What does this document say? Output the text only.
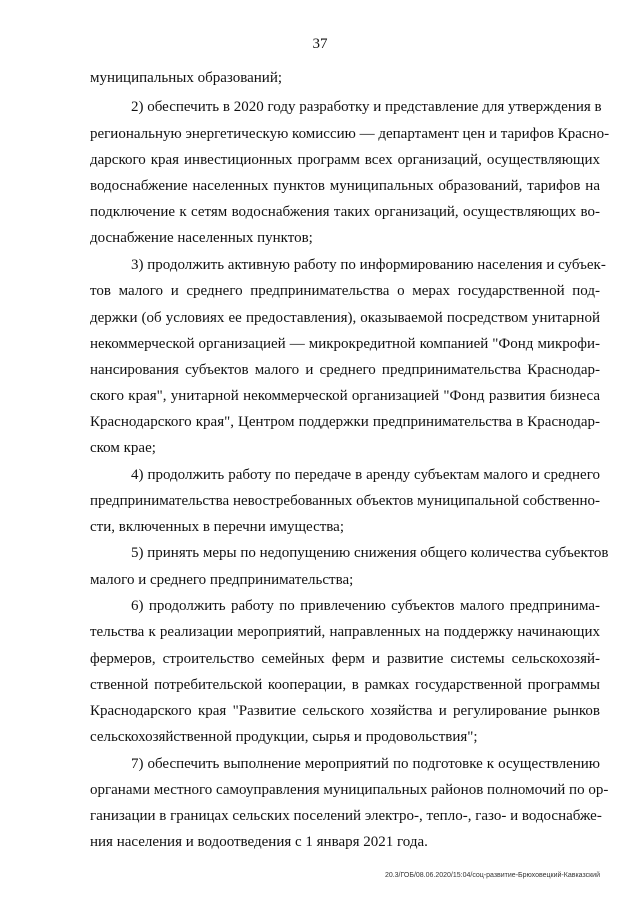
37
муниципальных образований;
2) обеспечить в 2020 году разработку и представление для утверждения в
региональную энергетическую комиссию — департамент цен и тарифов Красно-
дарского края инвестиционных программ всех организаций, осуществляющих
водоснабжение населенных пунктов муниципальных образований, тарифов на
подключение к сетям водоснабжения таких организаций, осуществляющих во-
доснабжение населенных пунктов;
3) продолжить активную работу по информированию населения и субъек-
тов малого и среднего предпринимательства о мерах государственной под-
держки (об условиях ее предоставления), оказываемой посредством унитарной
некоммерческой организацией — микрокредитной компанией "Фонд микрофи-
нансирования субъектов малого и среднего предпринимательства Краснодар-
ского края", унитарной некоммерческой организацией "Фонд развития бизнеса
Краснодарского края", Центром поддержки предпринимательства в Краснодар-
ском крае;
4) продолжить работу по передаче в аренду субъектам малого и среднего
предпринимательства невостребованных объектов муниципальной собственно-
сти, включенных в перечни имущества;
5) принять меры по недопущению снижения общего количества субъектов
малого и среднего предпринимательства;
6) продолжить работу по привлечению субъектов малого предпринима-
тельства к реализации мероприятий, направленных на поддержку начинающих
фермеров, строительство семейных ферм и развитие системы сельскохозяй-
ственной потребительской кооперации, в рамках государственной программы
Краснодарского края "Развитие сельского хозяйства и регулирование рынков
сельскохозяйственной продукции, сырья и продовольствия";
7) обеспечить выполнение мероприятий по подготовке к осуществлению
органами местного самоуправления муниципальных районов полномочий по ор-
ганизации в границах сельских поселений электро-, тепло-, газо- и водоснабже-
ния населения и водоотведения с 1 января 2021 года.
20.3/ГОБ/08.06.2020/15:04/соц-развитие-Брюховецкий-Кавказский
